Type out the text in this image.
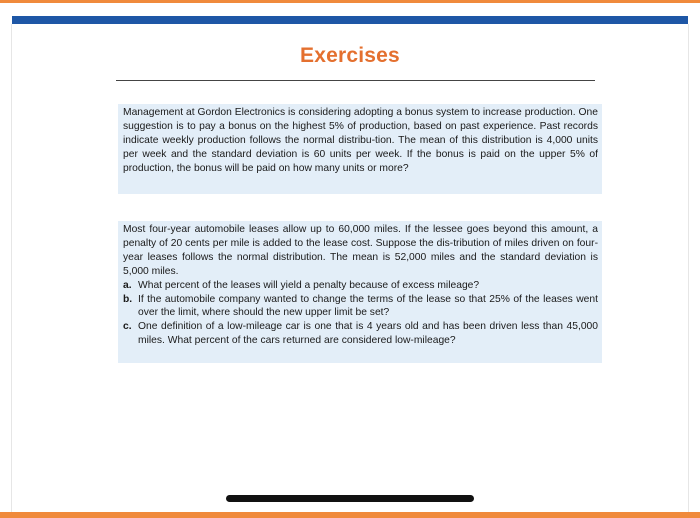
Exercises

Management at Gordon Electronics is considering adopting a bonus system to increase production. One suggestion is to pay a bonus on the highest 5% of production, based on past experience. Past records indicate weekly production follows the normal distribu-tion. The mean of this distribution is 4,000 units per week and the standard deviation is 60 units per week. If the bonus is paid on the upper 5% of production, the bonus will be paid on how many units or more?

Most four-year automobile leases allow up to 60,000 miles. If the lessee goes beyond this amount, a penalty of 20 cents per mile is added to the lease cost. Suppose the dis-tribution of miles driven on four-year leases follows the normal distribution. The mean is 52,000 miles and the standard deviation is 5,000 miles.

a. What percent of the leases will yield a penalty because of excess mileage?
b. If the automobile company wanted to change the terms of the lease so that 25% of the leases went over the limit, where should the new upper limit be set?
c. One definition of a low-mileage car is one that is 4 years old and has been driven less than 45,000 miles. What percent of the cars returned are considered low-mileage?
